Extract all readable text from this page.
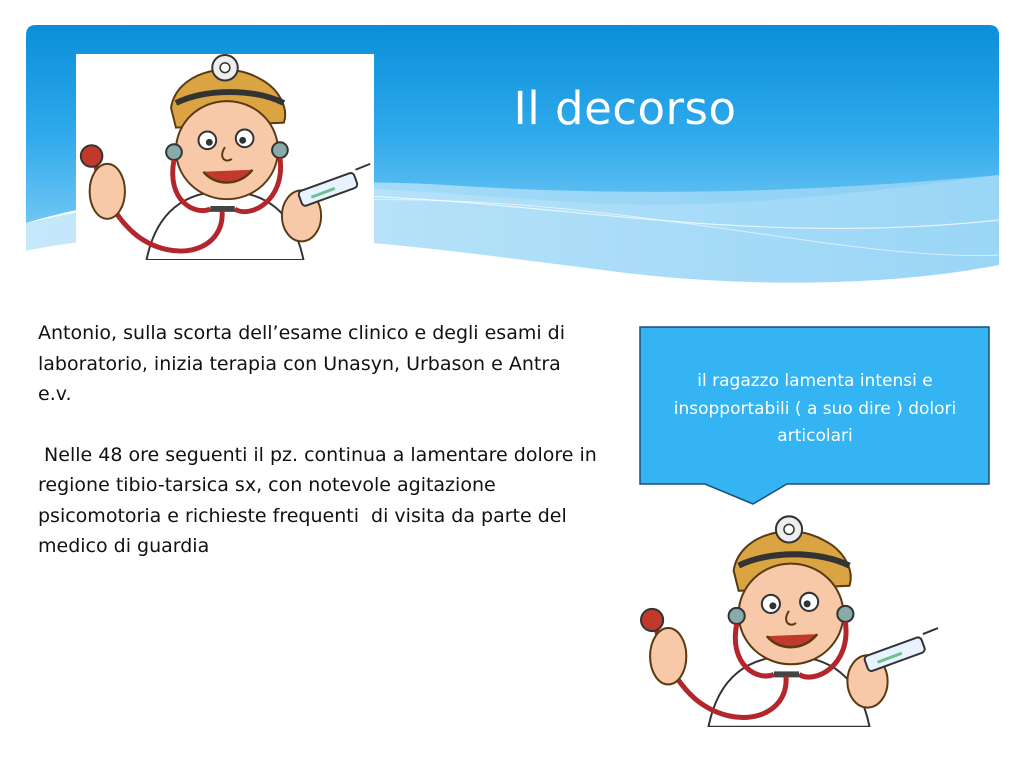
Il decorso

Antonio, sulla scorta dell’esame clinico e degli esami di laboratorio, inizia terapia con Unasyn, Urbason e Antra e.v.

Nelle 48 ore seguenti il pz. continua a lamentare dolore in regione tibio-tarsica sx, con notevole agitazione psicomotoria e richieste frequenti  di visita da parte del medico di guardia

il ragazzo lamenta intensi e insopportabili ( a suo dire ) dolori articolari
